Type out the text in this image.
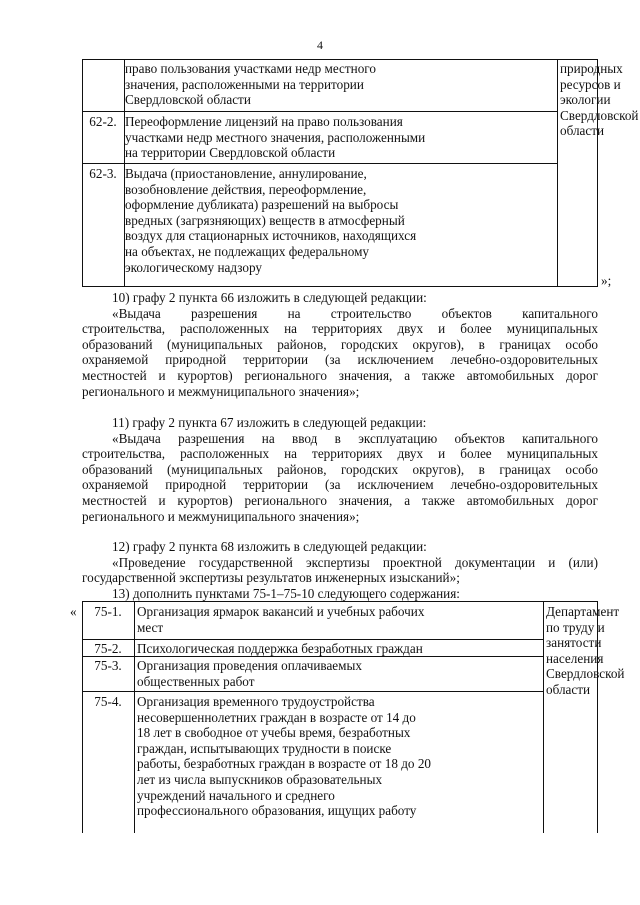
4
право пользования участками недр местного
значения, расположенными на территории
Свердловской области
62-2. Переоформление лицензий на право пользования
участками недр местного значения, расположенными
на территории Свердловской области
62-3. Выдача (приостановление, аннулирование,
возобновление действия, переоформление,
оформление дубликата) разрешений на выбросы
вредных (загрязняющих) веществ в атмосферный
воздух для стационарных источников, находящихся
на объектах, не подлежащих федеральному
экологическому надзору
природных
ресурсов и
экологии
Свердловской
области
»;
10) графу 2 пункта 66 изложить в следующей редакции:
«Выдача разрешения на строительство объектов капитального
строительства, расположенных на территориях двух и более муниципальных
образований (муниципальных районов, городских округов), в границах особо
охраняемой природной территории (за исключением лечебно-оздоровительных
местностей и курортов) регионального значения, а также автомобильных дорог
регионального и межмуниципального значения»;
11) графу 2 пункта 67 изложить в следующей редакции:
«Выдача разрешения на ввод в эксплуатацию объектов капитального
строительства, расположенных на территориях двух и более муниципальных
образований (муниципальных районов, городских округов), в границах особо
охраняемой природной территории (за исключением лечебно-оздоровительных
местностей и курортов) регионального значения, а также автомобильных дорог
регионального и межмуниципального значения»;
12) графу 2 пункта 68 изложить в следующей редакции:
«Проведение государственной экспертизы проектной документации и (или)
государственной экспертизы результатов инженерных изысканий»;
13) дополнить пунктами 75-1–75-10 следующего содержания:
«	75-1.	Организация ярмарок вакансий и учебных рабочих
мест
75-2.	Психологическая поддержка безработных граждан
75-3.	Организация проведения оплачиваемых
общественных работ
75-4.	Организация временного трудоустройства
несовершеннолетних граждан в возрасте от 14 до
18 лет в свободное от учебы время, безработных
граждан, испытывающих трудности в поиске
работы, безработных граждан в возрасте от 18 до 20
лет из числа выпускников образовательных
учреждений начального и среднего
профессионального образования, ищущих работу
Департамент
по труду и
занятости
населения
Свердловской
области
